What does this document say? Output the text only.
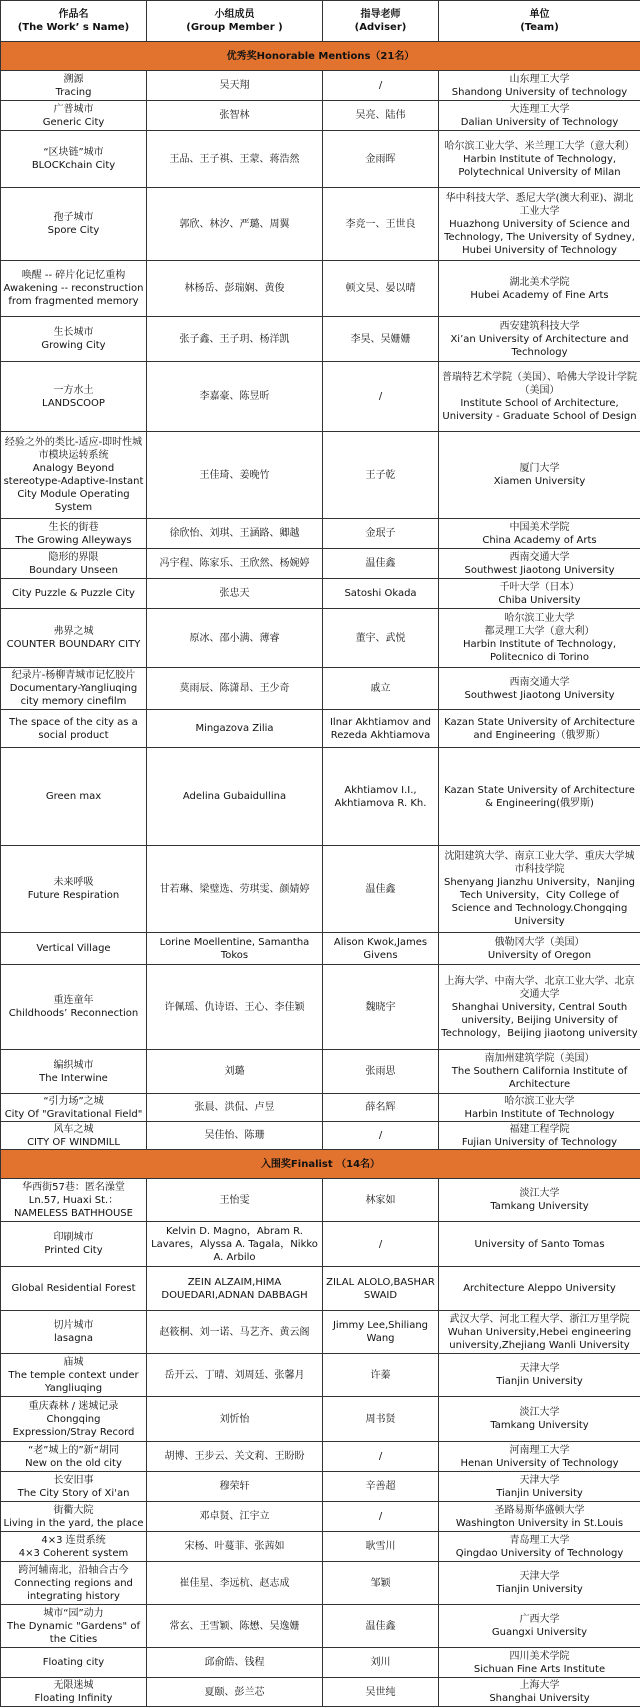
作品名
(The Work’ s Name)	小组成员
(Group Member )	指导老师
(Adviser)	单位
(Team)

优秀奖Honorable Mentions（21名）			

溯源
Tracing	吴天翔	/	山东理工大学
Shandong University of technology

广普城市
Generic City	张智林	吴亮、陆伟	大连理工大学
Dalian University of Technology

“区块链”城市
BLOCKchain City	王品、王子祺、王蒙、蒋浩然	金雨晖	哈尔滨工业大学、米兰理工大学（意大利）
Harbin Institute of Technology,
Polytechnical University of Milan

孢子城市
Spore City	郭欣、林汐、严璐、周翼	李竞一、王世良	华中科技大学、悉尼大学(澳大利亚)、湖北工业大学
Huazhong University of Science and Technology, The University of Sydney, Hubei University of Technology

唤醒 -- 碎片化记忆重构
Awakening -- reconstruction from fragmented memory	林杨岳、彭瑞娴、黄俊	顿文昊、晏以晴	湖北美术学院
Hubei Academy of Fine Arts

生长城市
Growing City	张子鑫、王子玥、杨洋凯	李昊、吴姗姗	西安建筑科技大学
Xi’an University of Architecture and Technology

一方水土
LANDSCOOP	李嘉豪、陈昱昕	/	普瑞特艺术学院（美国）、哈佛大学设计学院（美国）
Institute School of Architecture, University - Graduate School of Design

经验之外的类比-适应-即时性城市模块运转系统
Analogy Beyond stereotype-Adaptive-Instant City Module Operating System	王佳琦、姜晚竹	王子乾	厦门大学
Xiamen University

生长的街巷
The Growing Alleyways	徐欣怡、刘琪、王涵路、卿越	金珉子	中国美术学院
China Academy of Arts

隐形的界限
Boundary Unseen	冯宇程、陈家乐、王欣然、杨婉婷	温佳鑫	西南交通大学
Southwest Jiaotong University

City Puzzle & Puzzle City	张忠天	Satoshi Okada	千叶大学（日本）
Chiba University

弗界之城
COUNTER BOUNDARY CITY	原冰、邵小满、薄睿	董宇、武悦	哈尔滨工业大学
都灵理工大学（意大利）
Harbin Institute of Technology,
Politecnico di Torino

纪录片-杨柳青城市记忆胶片
Documentary-Yangliuqing city memory cinefilm	莫雨辰、陈潇昂、王少奇	戚立	西南交通大学
Southwest Jiaotong University

The space of the city as a social product	Mingazova Zilia	Ilnar Akhtiamov and Rezeda Akhtiamova	Kazan State University of Architecture and Engineering（俄罗斯）

Green max	Adelina Gubaidullina	Akhtiamov I.I., Akhtiamova R. Kh.	Kazan State University of Architecture & Engineering(俄罗斯)

未来呼吸
Future Respiration	甘若琳、梁璧选、劳琪雯、颜婧婷	温佳鑫	沈阳建筑大学、南京工业大学、重庆大学城市科技学院
Shenyang Jianzhu University，Nanjing Tech University，City College of Science and Technology.Chongqing University

Vertical Village	Lorine Moellentine, Samantha Tokos	Alison Kwok,James Givens	俄勒冈大学（美国）
University of Oregon

重连童年
Childhoods’ Reconnection	许佩瑶、仇诗语、王心、李佳颖	魏晓宇	上海大学、中南大学、北京工业大学、北京交通大学
Shanghai University, Central South university, Beijing University of Technology，Beijing jiaotong university

编织城市
The Interwine	刘璐	张雨思	南加州建筑学院（美国）
The Southern California Institute of Architecture

“引力场”之城
City Of "Gravitational Field"	张晨、洪侃、卢昱	薛名辉	哈尔滨工业大学
Harbin Institute of Technology

风车之城
CITY OF WINDMILL	吴佳怡、陈珊	/	福建工程学院
Fujian University of Technology

入围奖Finalist （14名）			

华西街57巷：匿名澡堂
Ln.57, Huaxi St.：NAMELESS BATHHOUSE	王怡雯	林家如	淡江大学
Tamkang University

印刷城市
Printed City	Kelvin D. Magno，Abram R. Lavares，Alyssa A. Tagala，Nikko A. Arbilo	/	University of Santo Tomas

Global Residential Forest	ZEIN ALZAIM,HIMA DOUEDARI,ADNAN DABBAGH	ZILAL ALOLO,BASHAR SWAID	Architecture Aleppo University

切片城市
lasagna	赵筱桐、刘一诺、马艺齐、黄云阁	Jimmy Lee,Shiliang Wang	武汉大学、河北工程大学、浙江万里学院
Wuhan University,Hebei engineering university,Zhejiang Wanli University

庙城
The temple context under Yangliuqing	岳开云、丁晴、刘周廷、张馨月	许蓁	天津大学
Tianjin University

重庆森林 / 迷城记录
Chongqing Expression/Stray Record	刘忻怡	周书贤	淡江大学
Tamkang University

“老”城上的”新“胡同
New on the old city	胡博、王步云、关文莉、王盼盼	/	河南理工大学
Henan University of Technology

长安旧事
The City Story of Xi'an	穆荣轩	辛善超	天津大学
Tianjin University

街衢大院
Living in the yard, the place	邓卓贤、江宇立	/	圣路易斯华盛顿大学
Washington University in St.Louis

4×3 连贯系统
4×3 Coherent system	宋杨、叶蔓菲、张茜如	耿雪川	青岛理工大学
Qingdao University of Technology

跨河辅南北，沿轴合古今
Connecting regions and integrating history	崔佳星、李远杭、赵志成	邹颖	天津大学
Tianjin University

城市“园”动力
The Dynamic "Gardens" of the Cities	常玄、王雪颖、陈懋、吴逸姗	温佳鑫	广西大学
Guangxi University

Floating city	邱俞皓、钱程	刘川	四川美术学院
Sichuan Fine Arts Institute

无限迷城
Floating Infinity	夏颐、彭兰芯	吴世纯	上海大学
Shanghai University
